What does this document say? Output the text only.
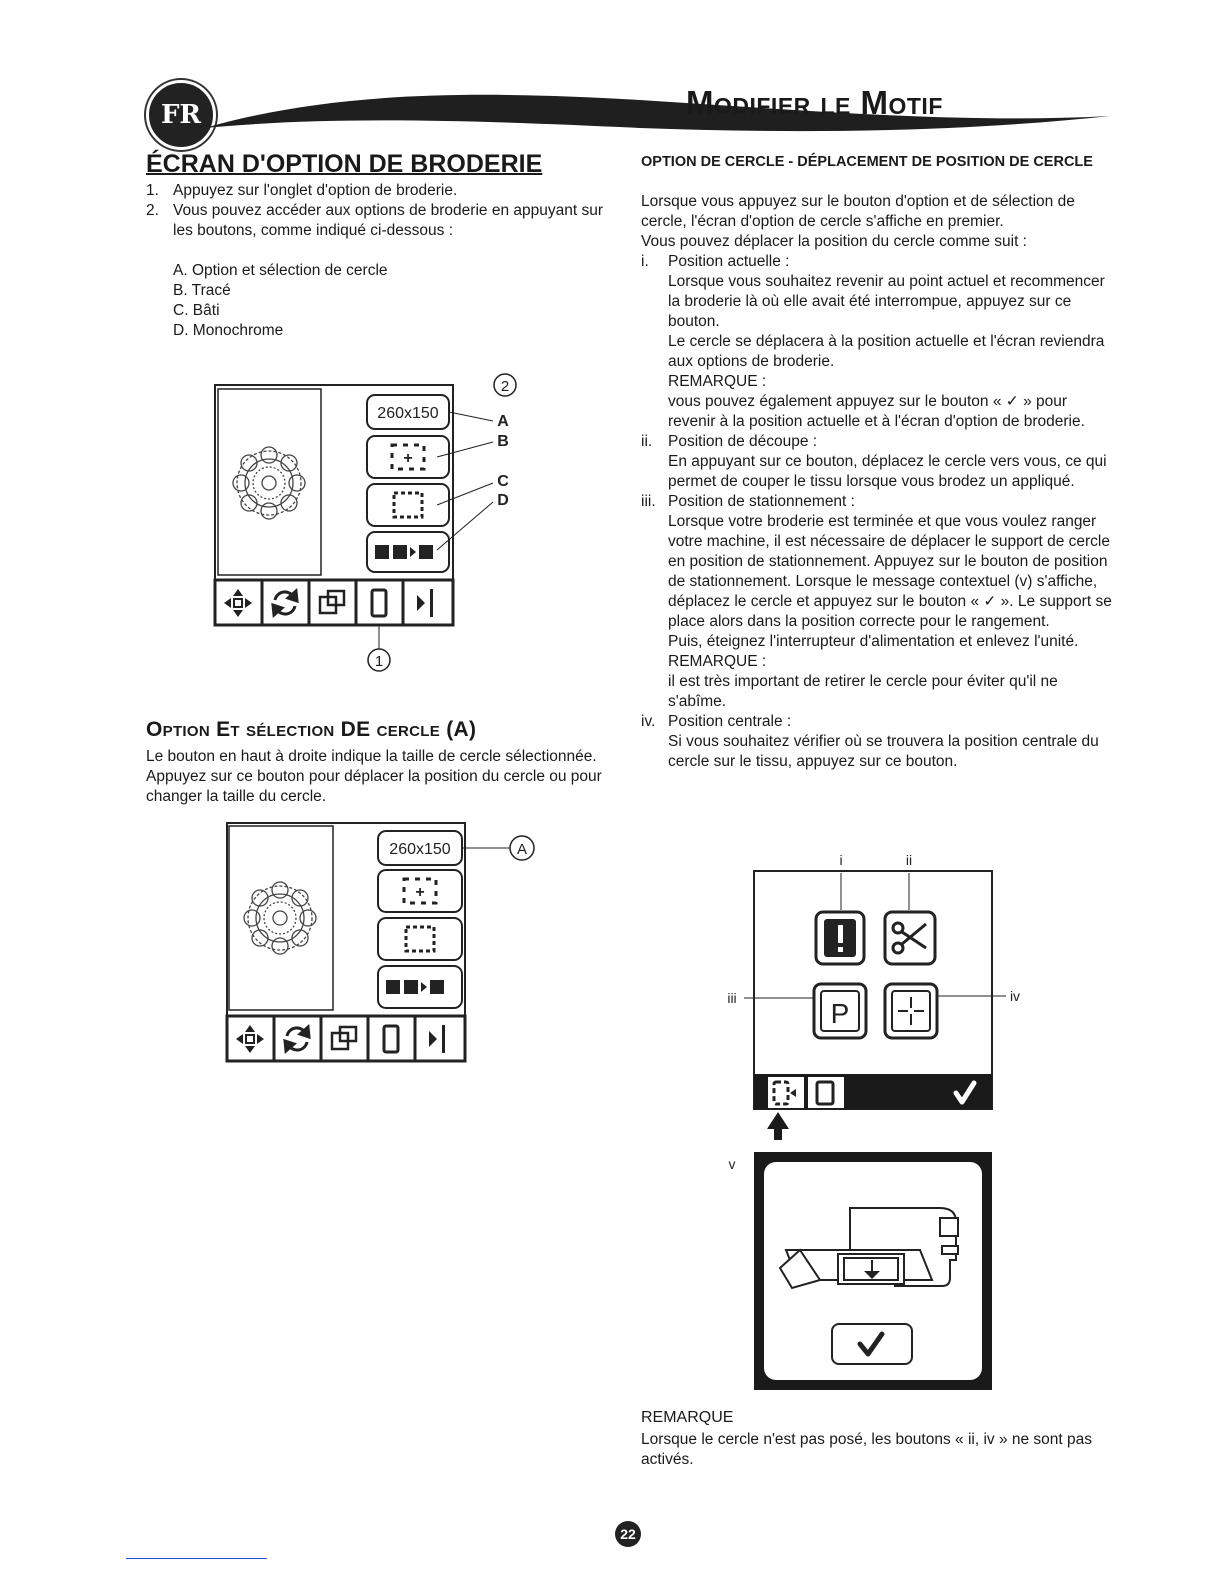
FR	Modifier le Motif
ÉCRAN D'OPTION DE BRODERIE
1. Appuyez sur l'onglet d'option de broderie.
2. Vous pouvez accéder aux options de broderie en appuyant sur les boutons, comme indiqué ci-dessous :
A. Option et sélection de cercle
B. Tracé
C. Bâti
D. Monochrome
260x150
+
2
A
B
C
D
1
Option Et sélection DE cercle (A)
Le bouton en haut à droite indique la taille de cercle sélectionnée. Appuyez sur ce bouton pour déplacer la position du cercle ou pour changer la taille du cercle.
260x150
+
A
OPTION DE CERCLE - DÉPLACEMENT DE POSITION DE CERCLE
Lorsque vous appuyez sur le bouton d'option et de sélection de cercle, l'écran d'option de cercle s'affiche en premier.
Vous pouvez déplacer la position du cercle comme suit :
i.	Position actuelle :
Lorsque vous souhaitez revenir au point actuel et recommencer la broderie là où elle avait été interrompue, appuyez sur ce bouton.
Le cercle se déplacera à la position actuelle et l'écran reviendra aux options de broderie.
REMARQUE :
vous pouvez également appuyez sur le bouton « ✓ » pour revenir à la position actuelle et à l'écran d'option de broderie.
ii.	Position de découpe :
En appuyant sur ce bouton, déplacez le cercle vers vous, ce qui permet de couper le tissu lorsque vous brodez un appliqué.
iii. Position de stationnement :
Lorsque votre broderie est terminée et que vous voulez ranger votre machine, il est nécessaire de déplacer le support de cercle en position de stationnement. Appuyez sur le bouton de position de stationnement. Lorsque le message contextuel (v) s'affiche, déplacez le cercle et appuyez sur le bouton « ✓ ». Le support se place alors dans la position correcte pour le rangement.
Puis, éteignez l'interrupteur d'alimentation et enlevez l'unité.
REMARQUE :
il est très important de retirer le cercle pour éviter qu'il ne s'abîme.
iv. Position centrale :
Si vous souhaitez vérifier où se trouvera la position centrale du cercle sur le tissu, appuyez sur ce bouton.
i	ii
P
iii	iv
v
REMARQUE
Lorsque le cercle n'est pas posé, les boutons « ii, iv » ne sont pas activés.
22
